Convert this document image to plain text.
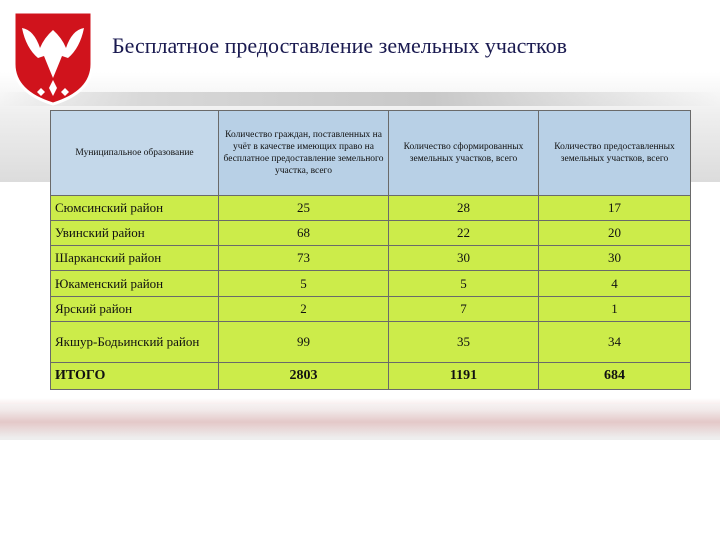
Бесплатное предоставление земельных участков
Муниципальное образование	Количество граждан, поставленных на учёт в качестве имеющих право на бесплатное предоставление земельного участка, всего	Количество сформированных земельных участков, всего	Количество предоставленных земельных участков, всего
Сюмсинский район	25	28	17
Увинский район	68	22	20
Шарканский район	73	30	30
Юкаменский район	5	5	4
Ярский район	2	7	1
Якшур-Бодьинский район	99	35	34
ИТОГО	2803	1191	684
